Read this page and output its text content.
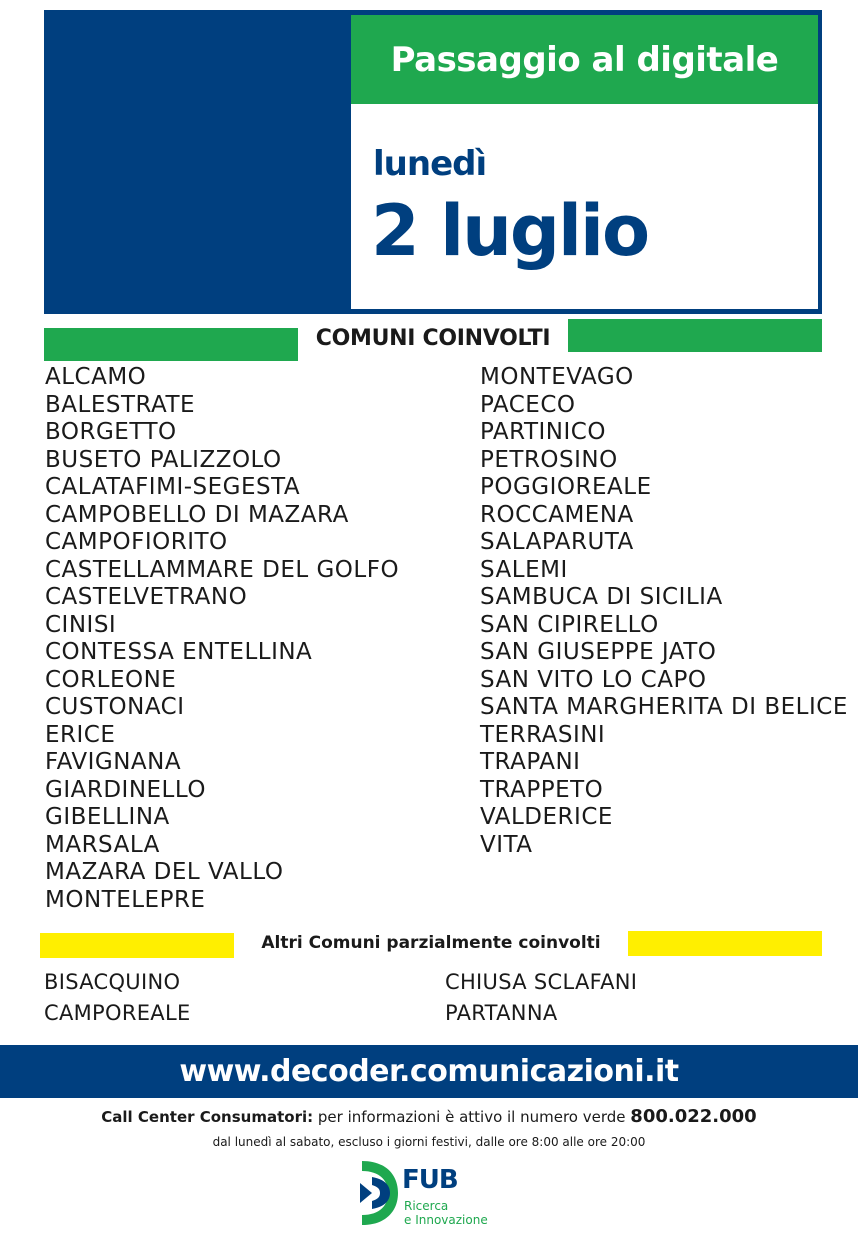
Passaggio al digitale
lunedì
2 luglio
COMUNI COINVOLTI
ALCAMO
BALESTRATE
BORGETTO
BUSETO PALIZZOLO
CALATAFIMI-SEGESTA
CAMPOBELLO DI MAZARA
CAMPOFIORITO
CASTELLAMMARE DEL GOLFO
CASTELVETRANO
CINISI
CONTESSA ENTELLINA
CORLEONE
CUSTONACI
ERICE
FAVIGNANA
GIARDINELLO
GIBELLINA
MARSALA
MAZARA DEL VALLO
MONTELEPRE
MONTEVAGO
PACECO
PARTINICO
PETROSINO
POGGIOREALE
ROCCAMENA
SALAPARUTA
SALEMI
SAMBUCA DI SICILIA
SAN CIPIRELLO
SAN GIUSEPPE JATO
SAN VITO LO CAPO
SANTA MARGHERITA DI BELICE
TERRASINI
TRAPANI
TRAPPETO
VALDERICE
VITA
Altri Comuni parzialmente coinvolti
BISACQUINO
CAMPOREALE
CHIUSA SCLAFANI
PARTANNA
www.decoder.comunicazioni.it
Call Center Consumatori: per informazioni è attivo il numero verde 800.022.000
dal lunedì al sabato, escluso i giorni festivi, dalle ore 8:00 alle ore 20:00
FUB
Ricerca
e Innovazione
